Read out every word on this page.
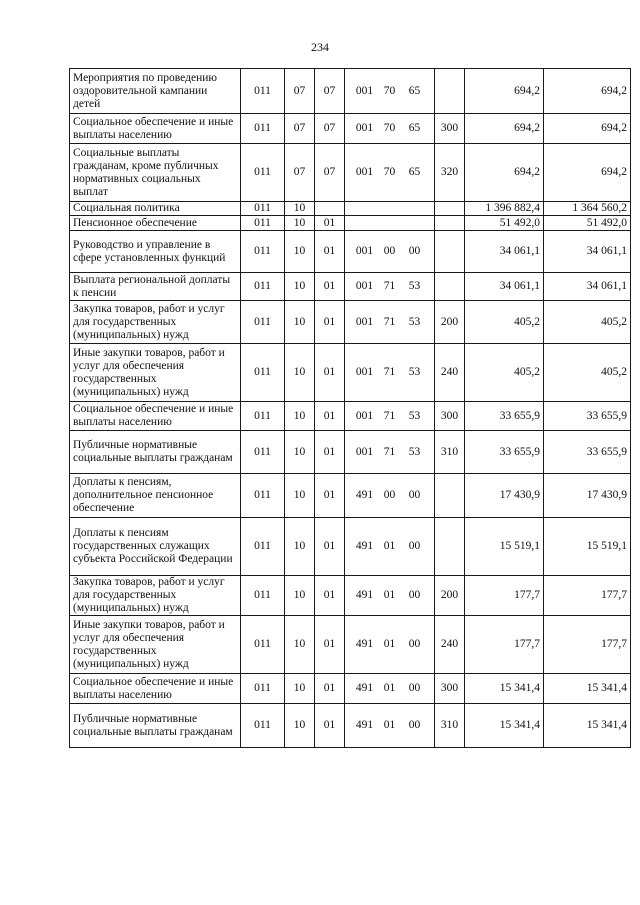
234
Мероприятия по проведению оздоровительной кампании детей	011	07	07	001 70 65		694,2	694,2
Социальное обеспечение и иные выплаты населению	011	07	07	001 70 65	300	694,2	694,2
Социальные выплаты гражданам, кроме публичных нормативных социальных выплат	011	07	07	001 70 65	320	694,2	694,2
Социальная политика	011	10				1 396 882,4	1 364 560,2
Пенсионное обеспечение	011	10	01			51 492,0	51 492,0
Руководство и управление в сфере установленных функций	011	10	01	001 00 00		34 061,1	34 061,1
Выплата региональной доплаты к пенсии	011	10	01	001 71 53		34 061,1	34 061,1
Закупка товаров, работ и услуг для государственных (муниципальных) нужд	011	10	01	001 71 53	200	405,2	405,2
Иные закупки товаров, работ и услуг для обеспечения государственных (муниципальных) нужд	011	10	01	001 71 53	240	405,2	405,2
Социальное обеспечение и иные выплаты населению	011	10	01	001 71 53	300	33 655,9	33 655,9
Публичные нормативные социальные выплаты гражданам	011	10	01	001 71 53	310	33 655,9	33 655,9
Доплаты к пенсиям, дополнительное пенсионное обеспечение	011	10	01	491 00 00		17 430,9	17 430,9
Доплаты к пенсиям государственных служащих субъекта Российской Федерации	011	10	01	491 01 00		15 519,1	15 519,1
Закупка товаров, работ и услуг для государственных (муниципальных) нужд	011	10	01	491 01 00	200	177,7	177,7
Иные закупки товаров, работ и услуг для обеспечения государственных (муниципальных) нужд	011	10	01	491 01 00	240	177,7	177,7
Социальное обеспечение и иные выплаты населению	011	10	01	491 01 00	300	15 341,4	15 341,4
Публичные нормативные социальные выплаты гражданам	011	10	01	491 01 00	310	15 341,4	15 341,4
